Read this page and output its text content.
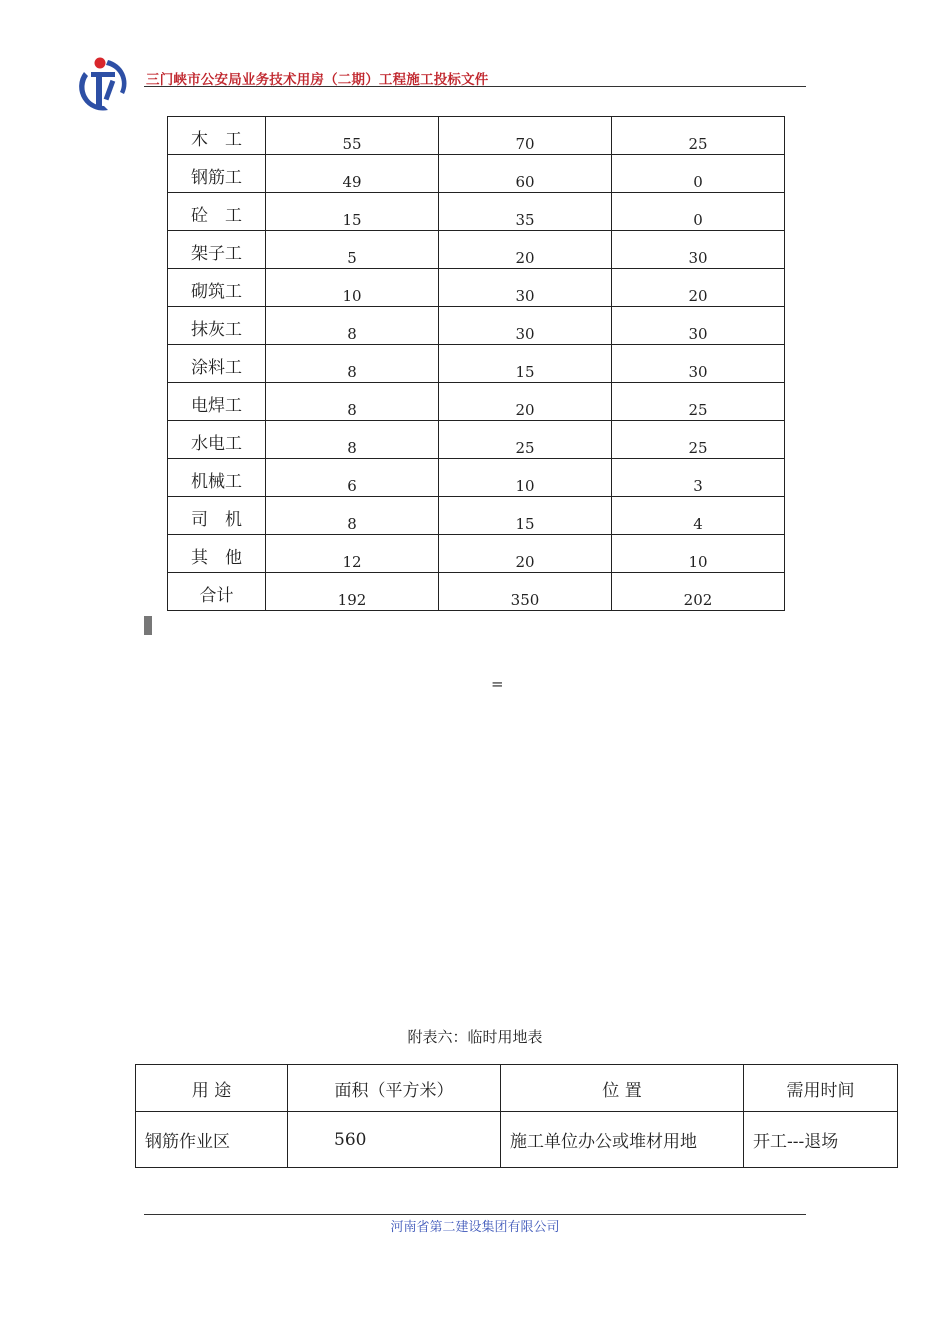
三门峡市公安局业务技术用房（二期）工程施工投标文件
木　工	55	70	25

钢筋工	49	60	0

砼　工	15	35	0

架子工	5	20	30

砌筑工	10	30	20

抹灰工	8	30	30

涂料工	8	15	30

电焊工	8	20	25

水电工	8	25	25

机械工	6	10	3

司　机	8	15	4

其　他	12	20	10

合计	192	350	202
=
附表六：临时用地表
用 途	面积（平方米）	位 置	需用时间
钢筋作业区	560	施工单位办公或堆材用地	开工---退场
河南省第二建设集团有限公司
